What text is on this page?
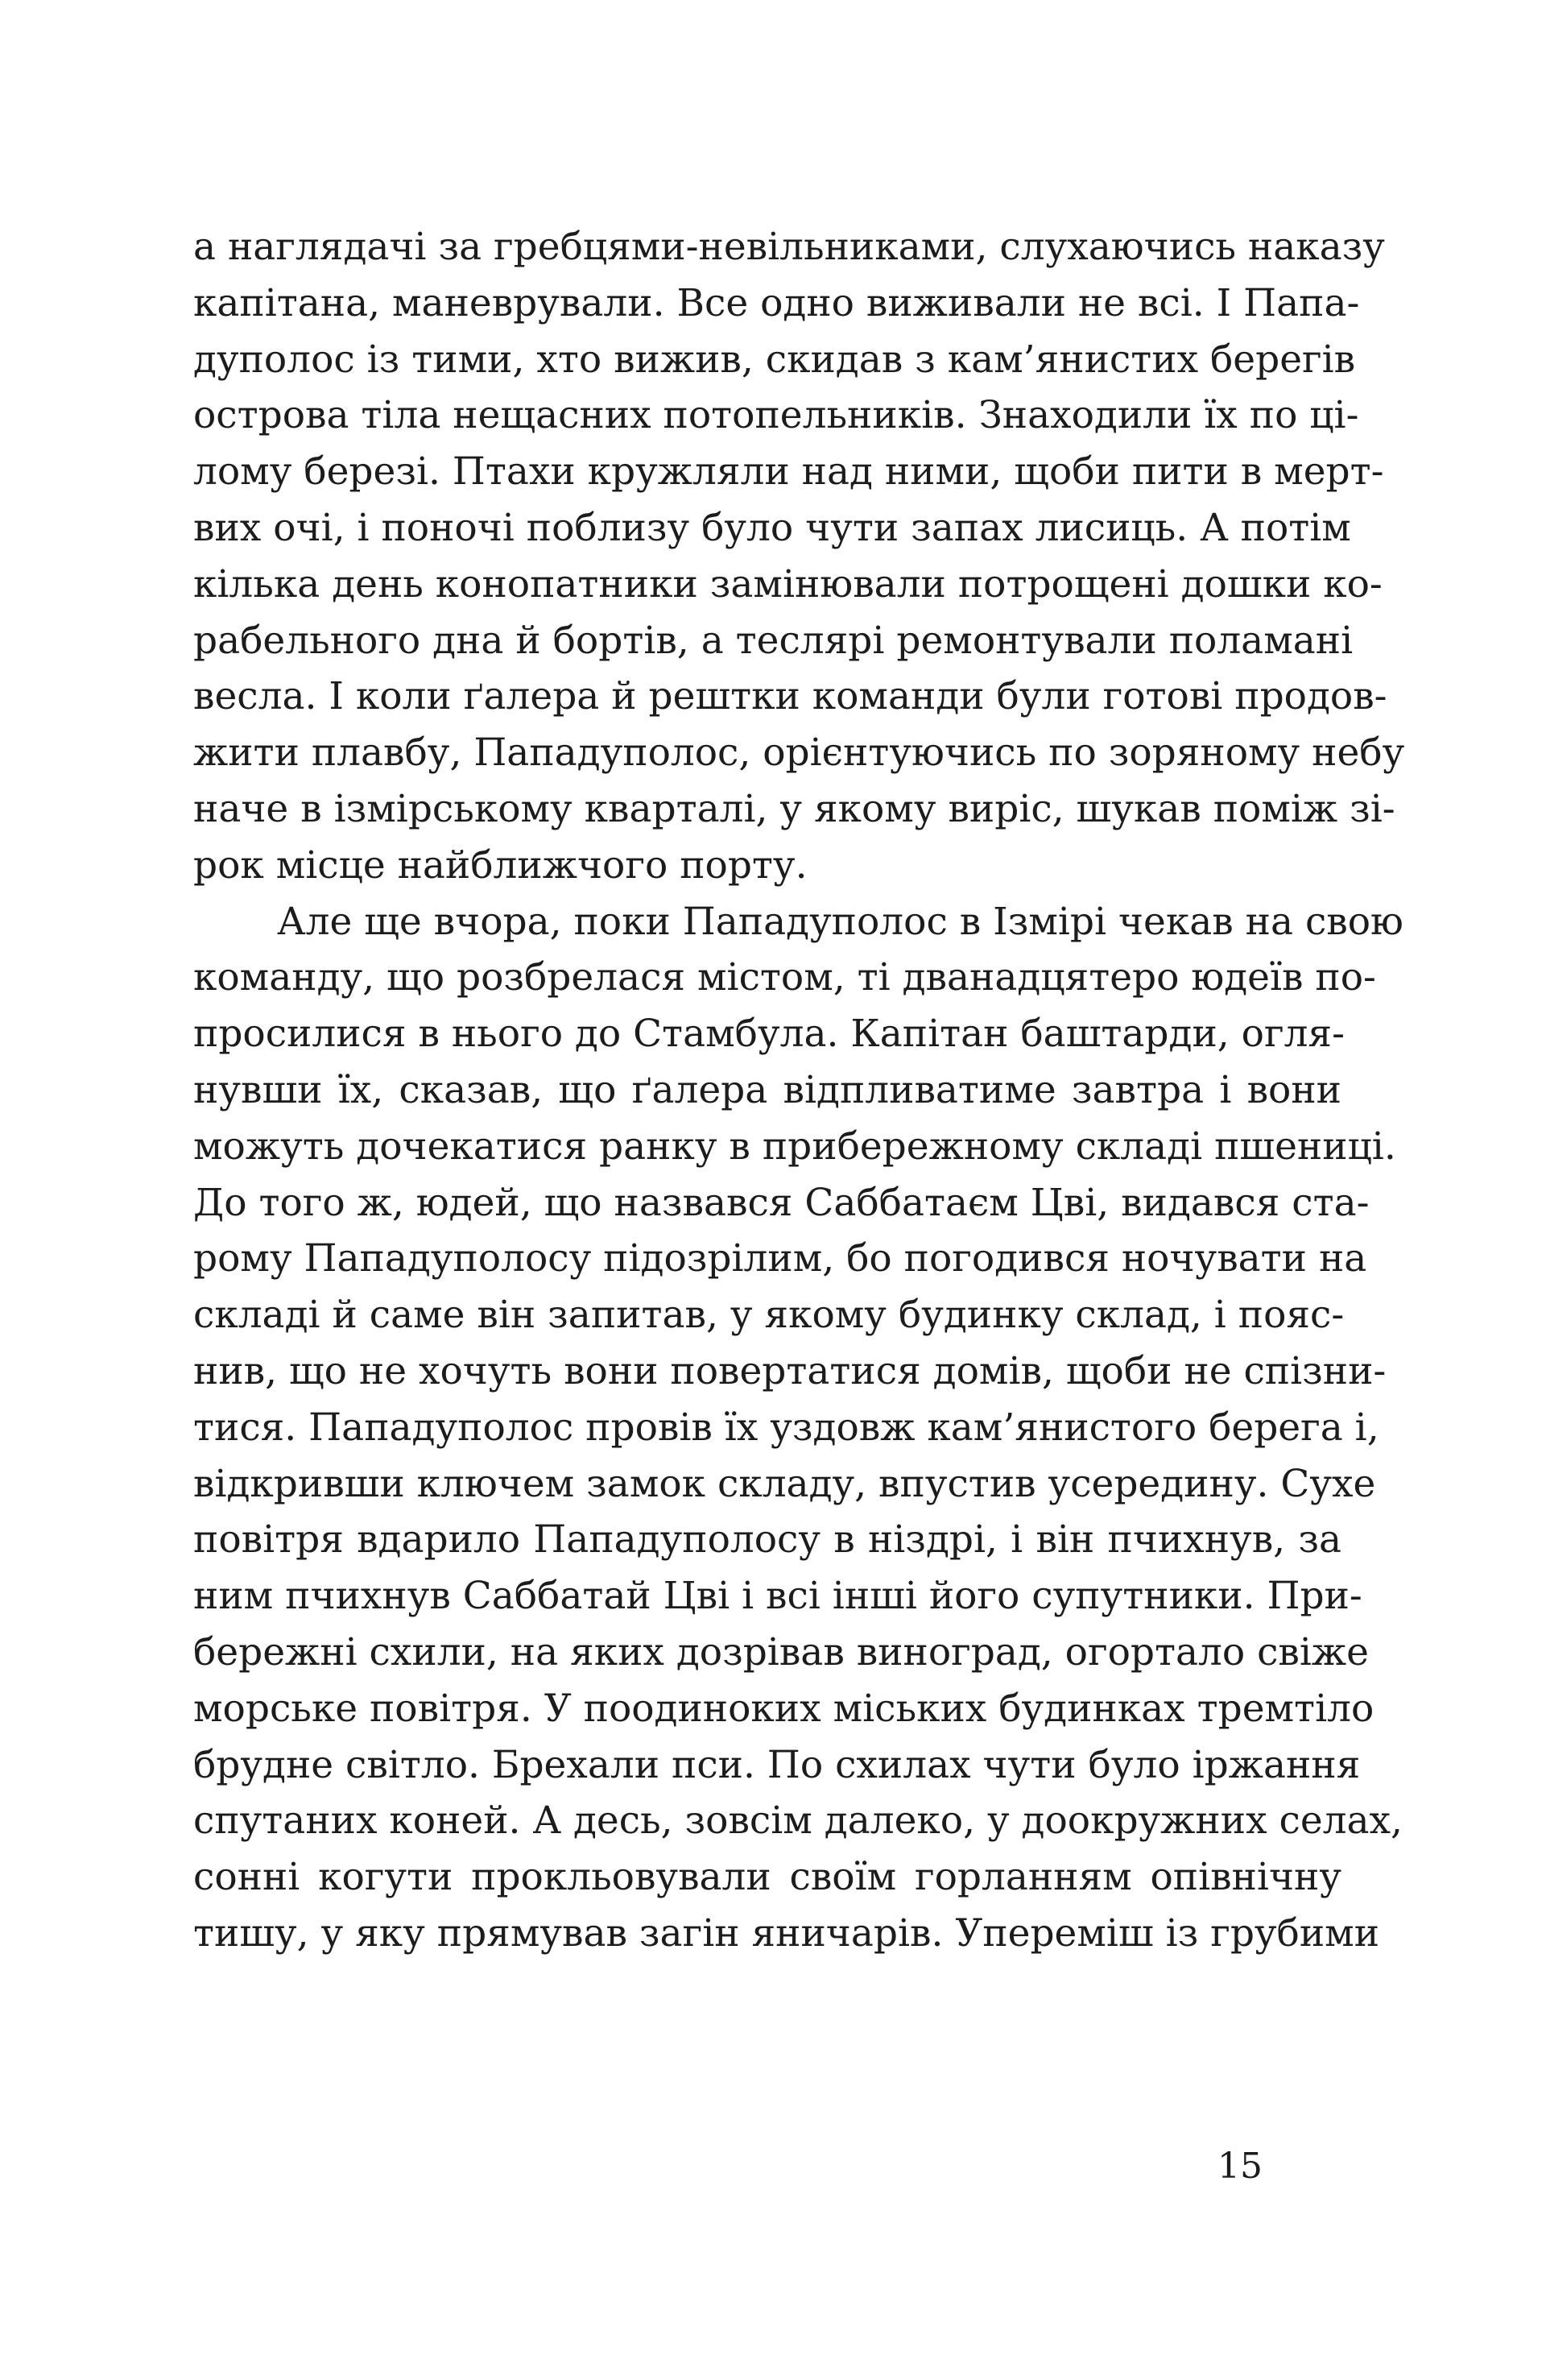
а наглядачі за гребцями-невільниками, слухаючись наказу
капітана, маневрували. Все одно виживали не всі. І Папа-
дуполос із тими, хто вижив, скидав з кам’янистих берегів
острова тіла нещасних потопельників. Знаходили їх по ці-
лому березі. Птахи кружляли над ними, щоби пити в мерт-
вих очі, і поночі поблизу було чути запах лисиць. А потім
кілька день конопатники замінювали потрощені дошки ко-
рабельного дна й бортів, а теслярі ремонтували поламані
весла. І коли ґалера й рештки команди були готові продов-
жити плавбу, Пападуполос, орієнтуючись по зоряному небу
наче в ізмірському кварталі, у якому виріс, шукав поміж зі-
рок місце найближчого порту.
Але ще вчора, поки Пападуполос в Ізмірі чекав на свою
команду, що розбрелася містом, ті дванадцятеро юдеїв по-
просилися в нього до Стамбула. Капітан баштарди, огля-
нувши їх, сказав, що ґалера відпливатиме завтра і вони
можуть дочекатися ранку в прибережному складі пшениці.
До того ж, юдей, що назвався Саббатаєм Цві, видався ста-
рому Пападуполосу підозрілим, бо погодився ночувати на
складі й саме він запитав, у якому будинку склад, і пояс-
нив, що не хочуть вони повертатися домів, щоби не спізни-
тися. Пападуполос провів їх уздовж кам’янистого берега і,
відкривши ключем замок складу, впустив усередину. Сухе
повітря вдарило Пападуполосу в ніздрі, і він пчихнув, за
ним пчихнув Саббатай Цві і всі інші його супутники. При-
бережні схили, на яких дозрівав виноград, огортало свіже
морське повітря. У поодиноких міських будинках тремтіло
брудне світло. Брехали пси. По схилах чути було іржання
спутаних коней. А десь, зовсім далеко, у доокружних селах,
сонні когути прокльовували своїм горланням опівнічну
тишу, у яку прямував загін яничарів. Упереміш із грубими
15
